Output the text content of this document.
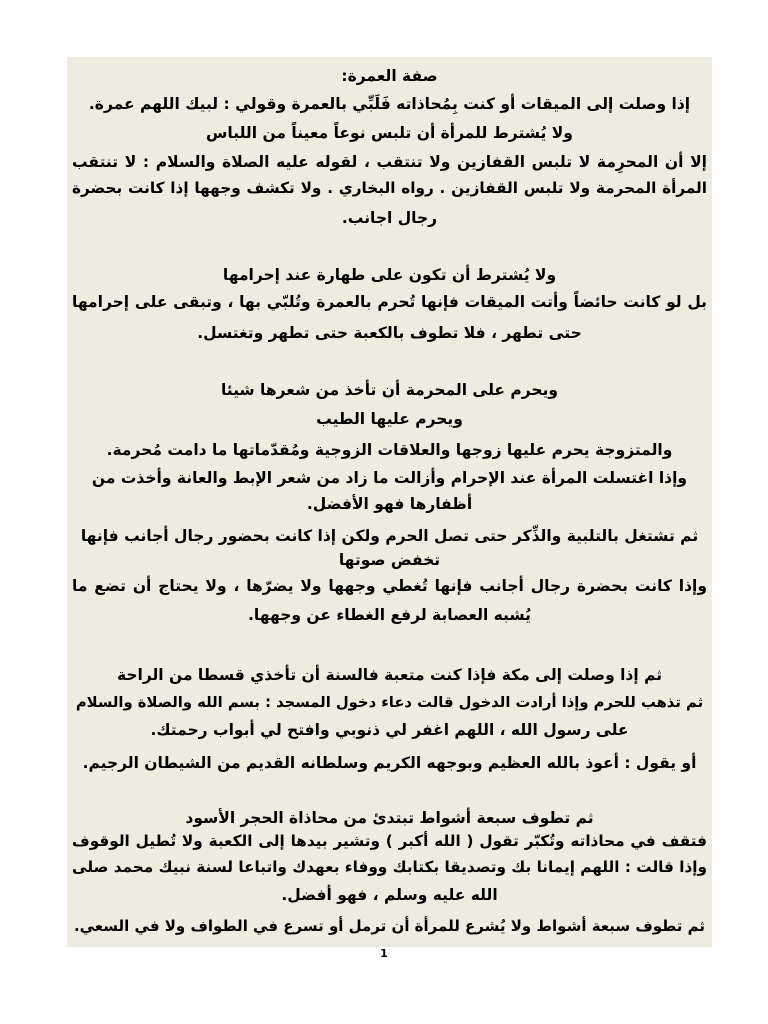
صفة العمرة:
إذا وصلت إلى الميقات أو كنت بِمُحاذاته فَلَبِّي بالعمرة وقولي : لبيك اللهم عمرة.
ولا يُشترط للمرأة أن تلبس نوعاً معيناً من اللباس
إلا أن المحرِمة لا تلبس القفازين ولا تنتقب ، لقوله عليه الصلاة والسلام : لا تنتقب
المرأة المحرمة ولا تلبس القفازين . رواه البخاري . ولا تكشف وجهها إذا كانت بحضرة
رجال اجانب.
ولا يُشترط أن تكون على طهارة عند إحرامها
بل لو كانت حائضاً وأتت الميقات فإنها تُحرم بالعمرة وتُلبّي بها ، وتبقى على إحرامها
حتى تطهر ، فلا تطوف بالكعبة حتى تطهر وتغتسل.
ويحرم على المحرمة أن تأخذ من شعرها شيئا
ويحرم عليها الطيب
والمتزوجة يحرم عليها زوجها والعلاقات الزوجية ومُقدّماتها ما دامت مُحرمة.
وإذا اغتسلت المرأة عند الإحرام وأزالت ما زاد من شعر الإبط والعانة وأخذت من
أظفارها فهو الأفضل.
ثم تشتغل بالتلبية والذِّكر حتى تصل الحرم ولكن إذا كانت بحضور رجال أجانب فإنها
تخفض صوتها
وإذا كانت بحضرة رجال أجانب فإنها تُغطي وجهها ولا يضرّها ، ولا يحتاج أن تضع ما
يُشبه العصابة لرفع الغطاء عن وجهها.
ثم إذا وصلت إلى مكة فإذا كنت متعبة فالسنة أن تأخذي قسطا من الراحة
ثم تذهب للحرم وإذا أرادت الدخول قالت دعاء دخول المسجد : بسم الله والصلاة والسلام
على رسول الله ، اللهم اغفر لي ذنوبي وافتح لي أبواب رحمتك.
أو يقول : أعوذ بالله العظيم وبوجهه الكريم وسلطانه القديم من الشيطان الرجيم.
ثم تطوف سبعة أشواط تبتدئ من محاذاة الحجر الأسود
فتقف في محاذاته وتُكبّر تقول ( الله أكبر ) وتشير بيدها إلى الكعبة ولا تُطيل الوقوف
وإذا قالت : اللهم إيمانا بك وتصديقا بكتابك ووفاء بعهدك واتباعا لسنة نبيك محمد صلى
الله عليه وسلم ، فهو أفضل.
ثم تطوف سبعة أشواط ولا يُشرع للمرأة أن ترمل أو تسرع في الطواف ولا في السعي.
1
